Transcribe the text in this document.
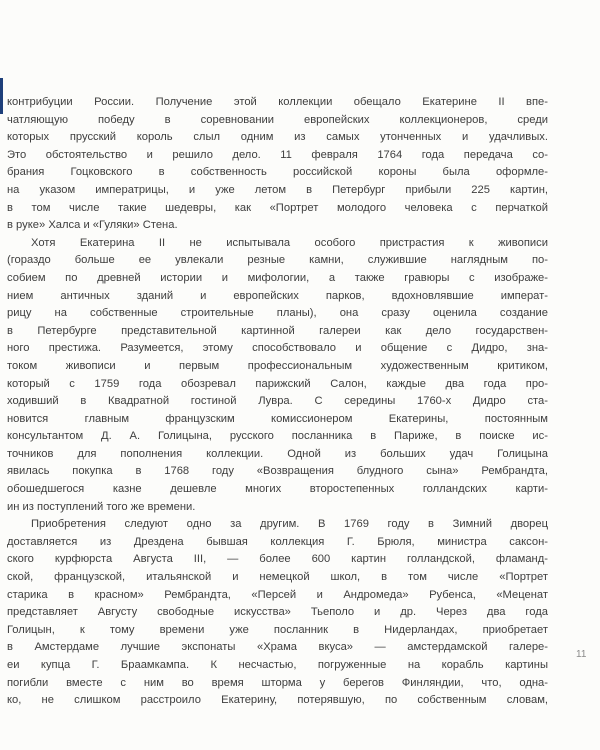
контрибуции России. Получение этой коллекции обещало Екатерине II впе-
чатляющую победу в соревновании европейских коллекционеров, среди
которых прусский король слыл одним из самых утонченных и удачливых.
Это обстоятельство и решило дело. 11 февраля 1764 года передача со-
брания Гоцковского в собственность российской короны была оформле-
на указом императрицы, и уже летом в Петербург прибыли 225 картин,
в том числе такие шедевры, как «Портрет молодого человека с перчаткой
в руке» Халса и «Гуляки» Стена.
Хотя Екатерина II не испытывала особого пристрастия к живописи
(гораздо больше ее увлекали резные камни, служившие наглядным по-
собием по древней истории и мифологии, а также гравюры с изображе-
нием античных зданий и европейских парков, вдохновлявшие императ-
рицу на собственные строительные планы), она сразу оценила создание
в Петербурге представительной картинной галереи как дело государствен-
ного престижа. Разумеется, этому способствовало и общение с Дидро, зна-
током живописи и первым профессиональным художественным критиком,
который с 1759 года обозревал парижский Салон, каждые два года про-
ходивший в Квадратной гостиной Лувра. С середины 1760-х Дидро ста-
новится главным французским комиссионером Екатерины, постоянным
консультантом Д. А. Голицына, русского посланника в Париже, в поиске ис-
точников для пополнения коллекции. Одной из больших удач Голицына
явилась покупка в 1768 году «Возвращения блудного сына» Рембрандта,
обошедшегося казне дешевле многих второстепенных голландских карти-
ин из поступлений того же времени.
Приобретения следуют одно за другим. В 1769 году в Зимний дворец
доставляется из Дрездена бывшая коллекция Г. Брюля, министра саксон-
ского курфюрста Августа III, — более 600 картин голландской, фламанд-
ской, французской, итальянской и немецкой школ, в том числе «Портрет
старика в красном» Рембрандта, «Персей и Андромеда» Рубенса, «Меценат
представляет Августу свободные искусства» Тьеполо и др. Через два года
Голицын, к тому времени уже посланник в Нидерландах, приобретает
в Амстердаме лучшие экспонаты «Храма вкуса» — амстердамской галере-
еи купца Г. Браамкампа. К несчастью, погруженные на корабль картины
погибли вместе с ним во время шторма у берегов Финляндии, что, одна-
ко, не слишком расстроило Екатерину, потерявшую, по собственным словам,
11
